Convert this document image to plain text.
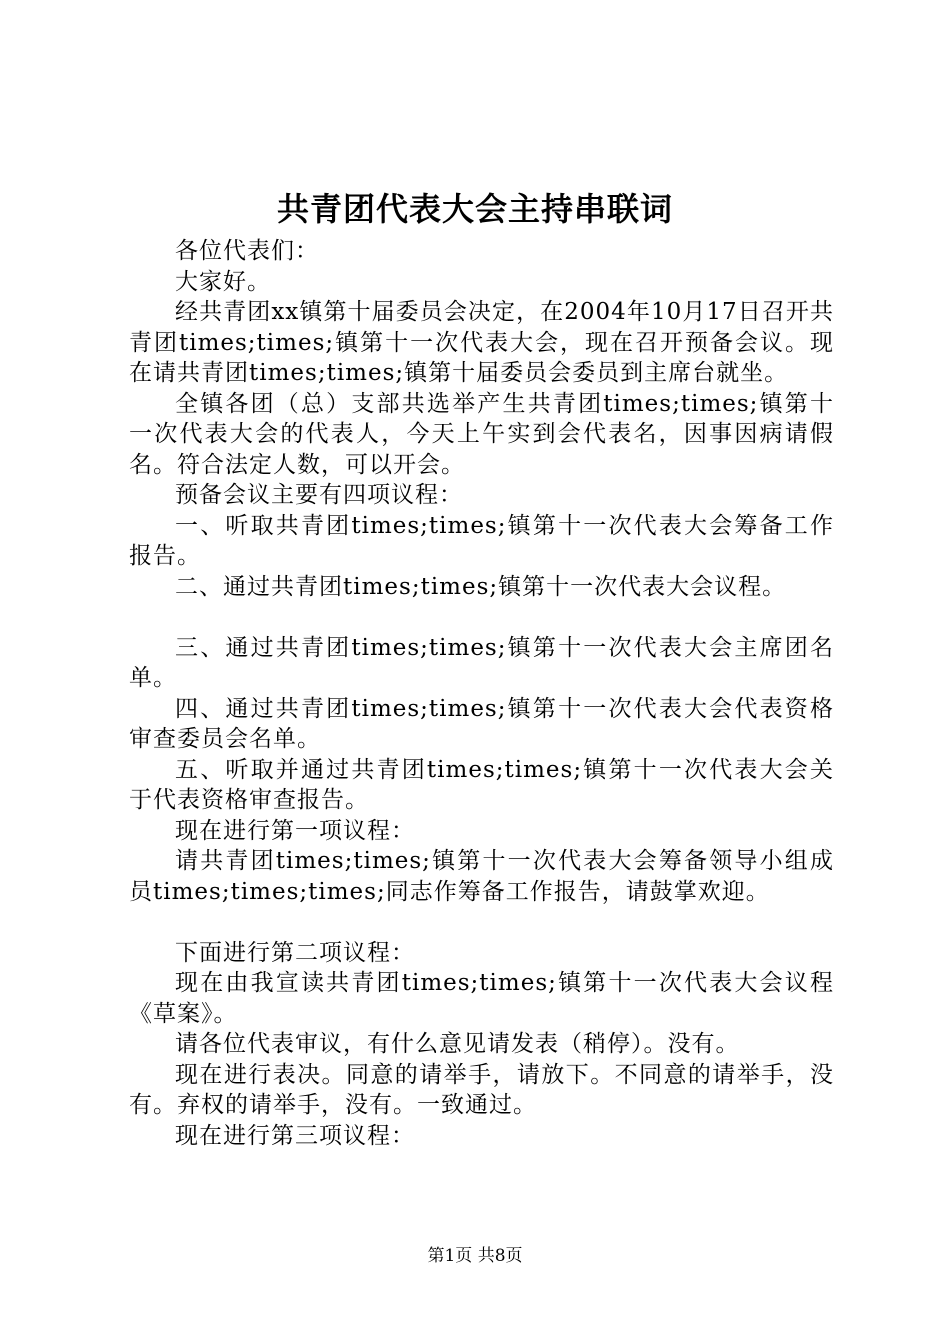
共青团代表大会主持串联词

各位代表们：

大家好。

经共青团xx镇第十届委员会决定，在2004年10月17日召开共青团times;times;镇第十一次代表大会，现在召开预备会议。现在请共青团times;times;镇第十届委员会委员到主席台就坐。

全镇各团（总）支部共选举产生共青团times;times;镇第十一次代表大会的代表人，今天上午实到会代表名，因事因病请假名。符合法定人数，可以开会。

预备会议主要有四项议程：

一、听取共青团times;times;镇第十一次代表大会筹备工作报告。

二、通过共青团times;times;镇第十一次代表大会议程。

三、通过共青团times;times;镇第十一次代表大会主席团名单。

四、通过共青团times;times;镇第十一次代表大会代表资格审查委员会名单。

五、听取并通过共青团times;times;镇第十一次代表大会关于代表资格审查报告。

现在进行第一项议程：

请共青团times;times;镇第十一次代表大会筹备领导小组成员times;times;times;同志作筹备工作报告，请鼓掌欢迎。

下面进行第二项议程：

现在由我宣读共青团times;times;镇第十一次代表大会议程《草案》。

请各位代表审议，有什么意见请发表（稍停）。没有。

现在进行表决。同意的请举手，请放下。不同意的请举手，没有。弃权的请举手，没有。一致通过。

现在进行第三项议程：

第1页 共8页
